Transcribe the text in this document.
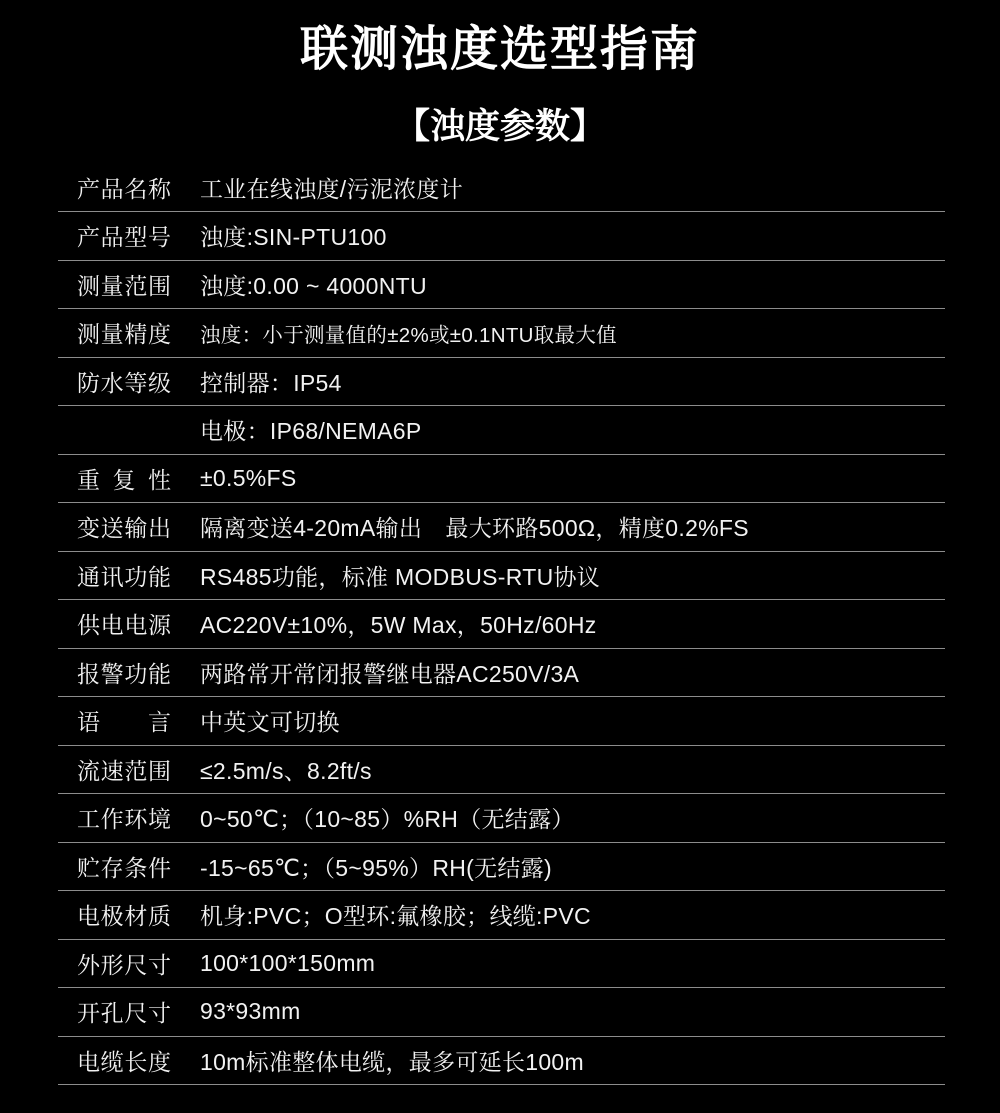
联测浊度选型指南
【浊度参数】
产品名称 工业在线浊度/污泥浓度计
产品型号 浊度:SIN-PTU100
测量范围 浊度:0.00 ~ 4000NTU
测量精度 浊度：小于测量值的±2%或±0.1NTU取最大值
防水等级 控制器：IP54
电极：IP68/NEMA6P
重复性 ±0.5%FS
变送输出 隔离变送4-20mA输出　最大环路500Ω，精度0.2%FS
通讯功能 RS485功能，标准 MODBUS-RTU协议
供电电源 AC220V±10%，5W Max，50Hz/60Hz
报警功能 两路常开常闭报警继电器AC250V/3A
语言 中英文可切换
流速范围 ≤2.5m/s、8.2ft/s
工作环境 0~50℃；（10~85）%RH（无结露）
贮存条件 -15~65℃；（5~95%）RH(无结露)
电极材质 机身:PVC；O型环:氟橡胶；线缆:PVC
外形尺寸 100*100*150mm
开孔尺寸 93*93mm
电缆长度 10m标准整体电缆，最多可延长100m
